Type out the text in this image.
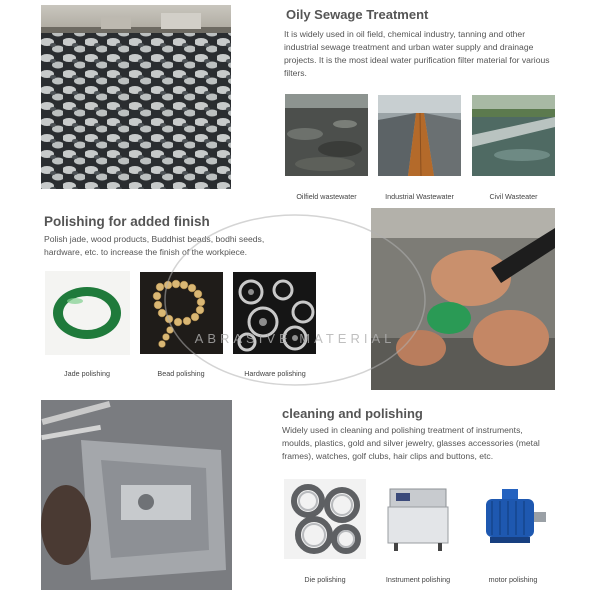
Oily Sewage Treatment

It is widely used in oil field, chemical industry, tanning and other industrial sewage treatment and urban water supply and drainage projects. It is the most ideal water purification filter material for various filters.

Oilfield wastewater	Industrial Wastewater	Civil Wasteater
Polishing for added finish

Polish jade, wood products, Buddhist beads, bodhi seeds, hardware, etc. to increase the finish of the workpiece.

Jade polishing	Bead polishing	Hardware polishing
cleaning and polishing

Widely used in cleaning and polishing treatment of instruments, moulds, plastics, gold and silver jewelry, glasses accessories (metal frames), watches, golf clubs, hair clips and buttons, etc.

Die polishing	Instrument polishing	motor polishing
ABRASIVE MATERIAL
